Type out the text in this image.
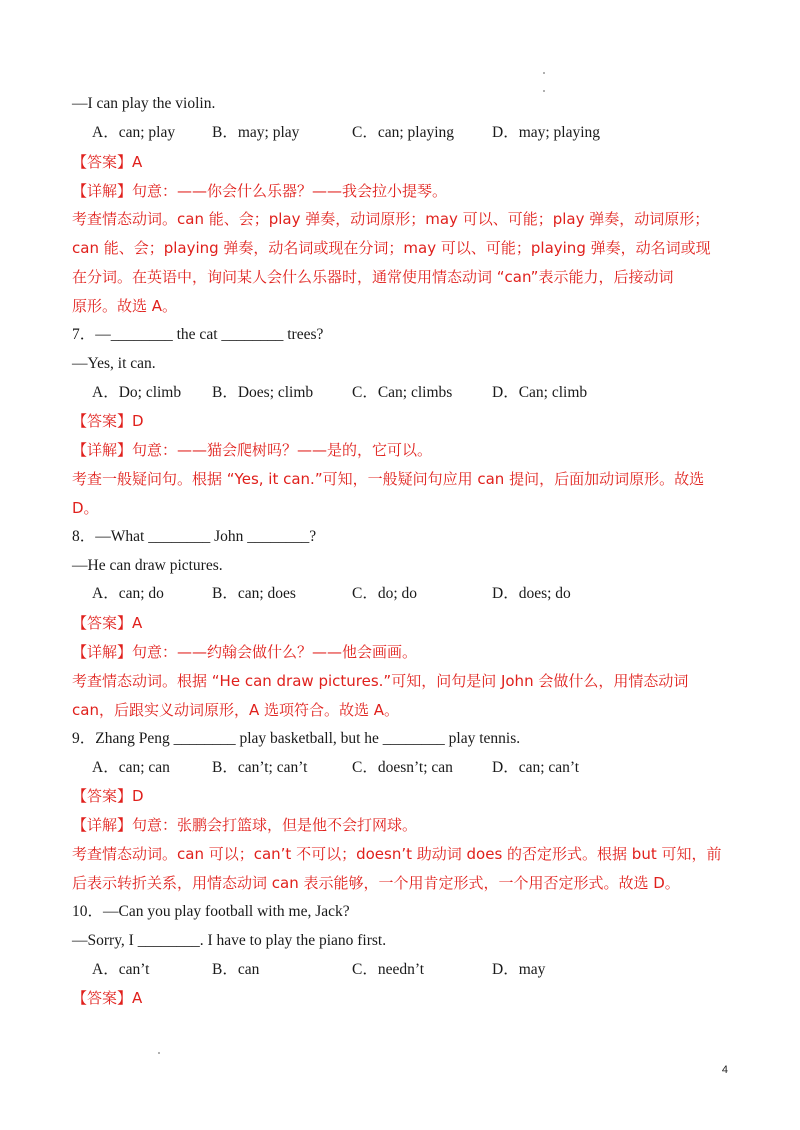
—I can play the violin.
A．can; play B．may; play	C．can; playing D．may; playing
【答案】A
【详解】句意：——你会什么乐器？——我会拉小提琴。
考查情态动词。can 能、会；play 弹奏，动词原形；may 可以、可能；play 弹奏，动词原形；
can 能、会；playing 弹奏，动名词或现在分词；may 可以、可能；playing 弹奏，动名词或现
在分词。在英语中，询问某人会什么乐器时，通常使用情态动词 “can”表示能力，后接动词
原形。故选 A。
7．—________ the cat ________ trees?
—Yes, it can.
A．Do; climb B．Does; climb	C．Can; climbs	D．Can; climb
【答案】D
【详解】句意：——猫会爬树吗？——是的，它可以。
考查一般疑问句。根据 “Yes, it can.”可知，一般疑问句应用 can 提问，后面加动词原形。故选
D。
8．—What ________ John ________?
—He can draw pictures.
A．can; do	B．can; does	C．do; do	D．does; do
【答案】A
【详解】句意：——约翰会做什么？——他会画画。
考查情态动词。根据 “He can draw pictures.”可知，问句是问 John 会做什么，用情态动词
can，后跟实义动词原形，A 选项符合。故选 A。
9．Zhang Peng ________ play basketball, but he ________ play tennis.
A．can; can	B．can’t; can’t	C．doesn’t; can	D．can; can’t
【答案】D
【详解】句意：张鹏会打篮球，但是他不会打网球。
考查情态动词。can 可以；can’t 不可以；doesn’t 助动词 does 的否定形式。根据 but 可知，前
后表示转折关系，用情态动词 can 表示能够，一个用肯定形式，一个用否定形式。故选 D。
10．—Can you play football with me, Jack?
—Sorry, I ________. I have to play the piano first.
A．can’t	B．can	C．needn’t	D．may
【答案】A
4
